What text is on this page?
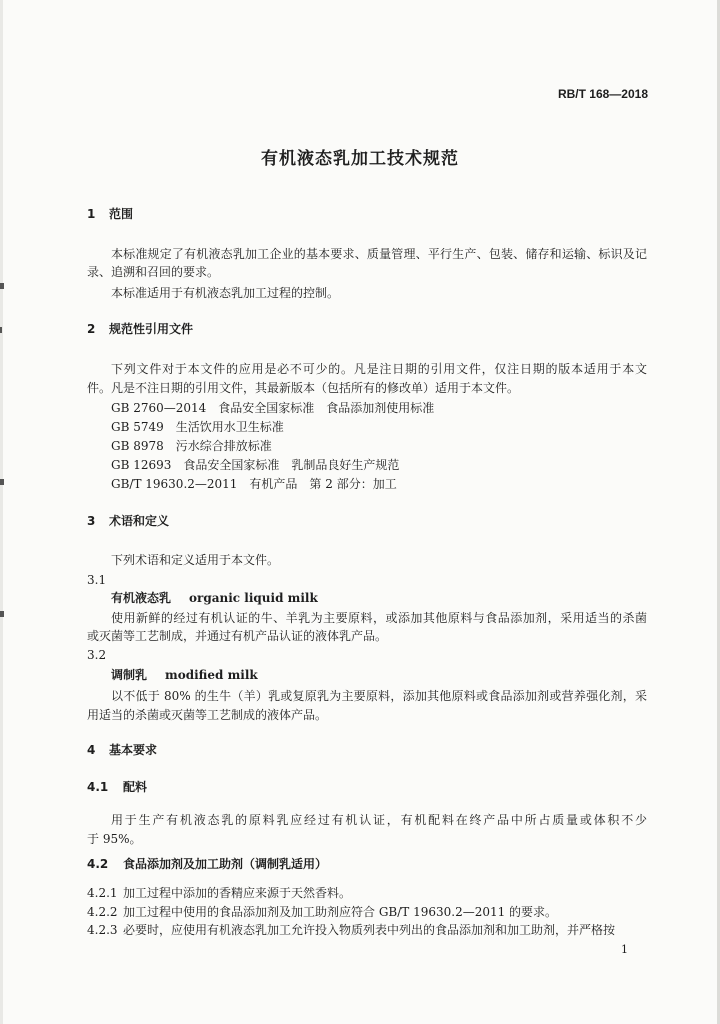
RB/T 168—2018
有机液态乳加工技术规范
1 范围
本标准规定了有机液态乳加工企业的基本要求、质量管理、平行生产、包装、储存和运输、标识及记
录、追溯和召回的要求。
本标准适用于有机液态乳加工过程的控制。
2 规范性引用文件
下列文件对于本文件的应用是必不可少的。凡是注日期的引用文件，仅注日期的版本适用于本文
件。凡是不注日期的引用文件，其最新版本（包括所有的修改单）适用于本文件。
GB 2760—2014　食品安全国家标准　食品添加剂使用标准
GB 5749　生活饮用水卫生标准
GB 8978　污水综合排放标准
GB 12693　食品安全国家标准　乳制品良好生产规范
GB/T 19630.2—2011　有机产品　第 2 部分：加工
3 术语和定义
下列术语和定义适用于本文件。
3.1
有机液态乳 organic liquid milk
使用新鲜的经过有机认证的牛、羊乳为主要原料，或添加其他原料与食品添加剂，采用适当的杀菌
或灭菌等工艺制成，并通过有机产品认证的液体乳产品。
3.2
调制乳 modified milk
以不低于 80% 的生牛（羊）乳或复原乳为主要原料，添加其他原料或食品添加剂或营养强化剂，采
用适当的杀菌或灭菌等工艺制成的液体产品。
4 基本要求
4.1 配料
用于生产有机液态乳的原料乳应经过有机认证，有机配料在终产品中所占质量或体积不少
于 95%。
4.2 食品添加剂及加工助剂（调制乳适用）
4.2.1 加工过程中添加的香精应来源于天然香料。
4.2.2 加工过程中使用的食品添加剂及加工助剂应符合 GB/T 19630.2—2011 的要求。
4.2.3 必要时，应使用有机液态乳加工允许投入物质列表中列出的食品添加剂和加工助剂，并严格按
1
